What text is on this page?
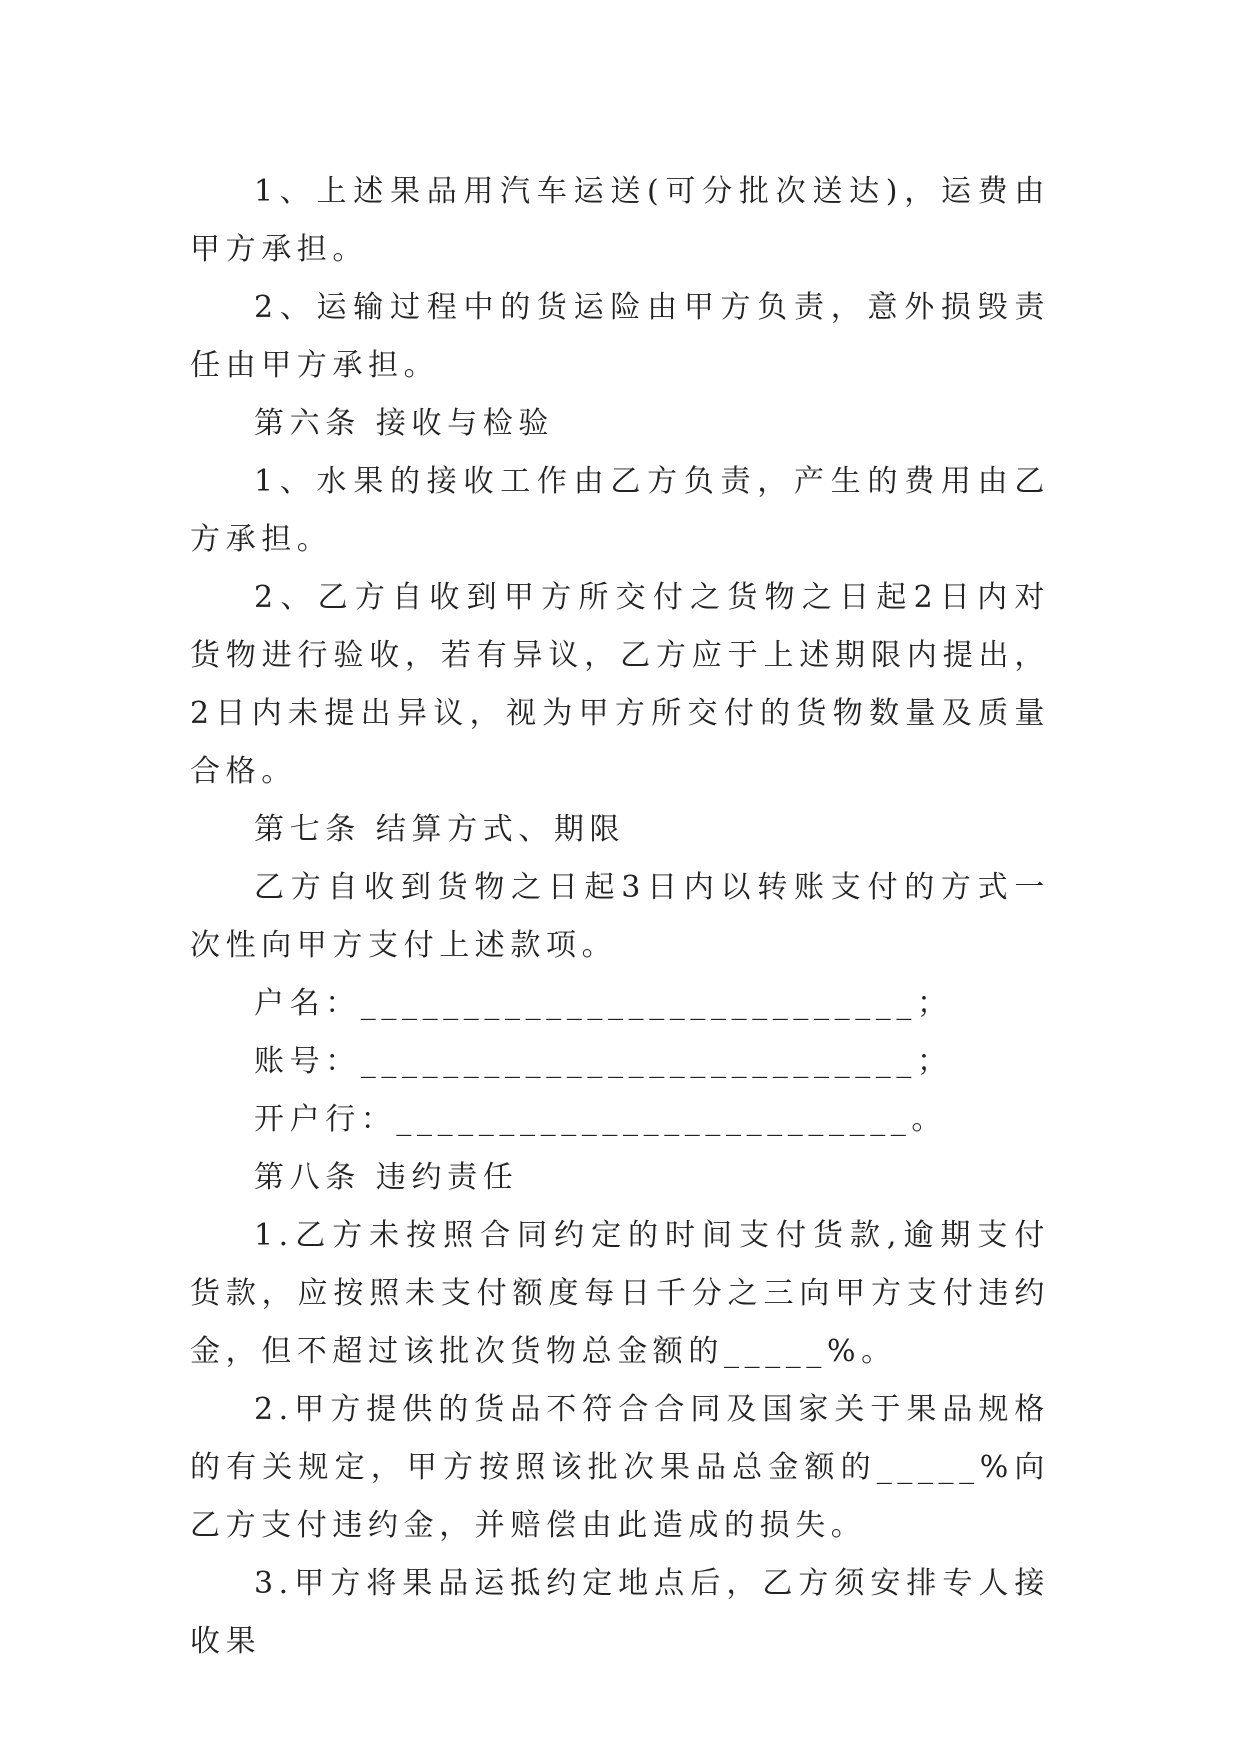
1、上述果品用汽车运送(可分批次送达)，运费由甲方承担。

2、运输过程中的货运险由甲方负责，意外损毁责任由甲方承担。

第六条 接收与检验

1、水果的接收工作由乙方负责，产生的费用由乙方承担。

2、乙方自收到甲方所交付之货物之日起2日内对货物进行验收，若有异议，乙方应于上述期限内提出，2日内未提出异议，视为甲方所交付的货物数量及质量合格。

第七条 结算方式、期限

乙方自收到货物之日起3日内以转账支付的方式一次性向甲方支付上述款项。

户名：___________________________；

账号：___________________________；

开户行：_________________________。

第八条 违约责任

1.乙方未按照合同约定的时间支付货款,逾期支付货款，应按照未支付额度每日千分之三向甲方支付违约金，但不超过该批次货物总金额的_____%。

2.甲方提供的货品不符合合同及国家关于果品规格的有关规定，甲方按照该批次果品总金额的_____%向乙方支付违约金，并赔偿由此造成的损失。

3.甲方将果品运抵约定地点后，乙方须安排专人接收果
